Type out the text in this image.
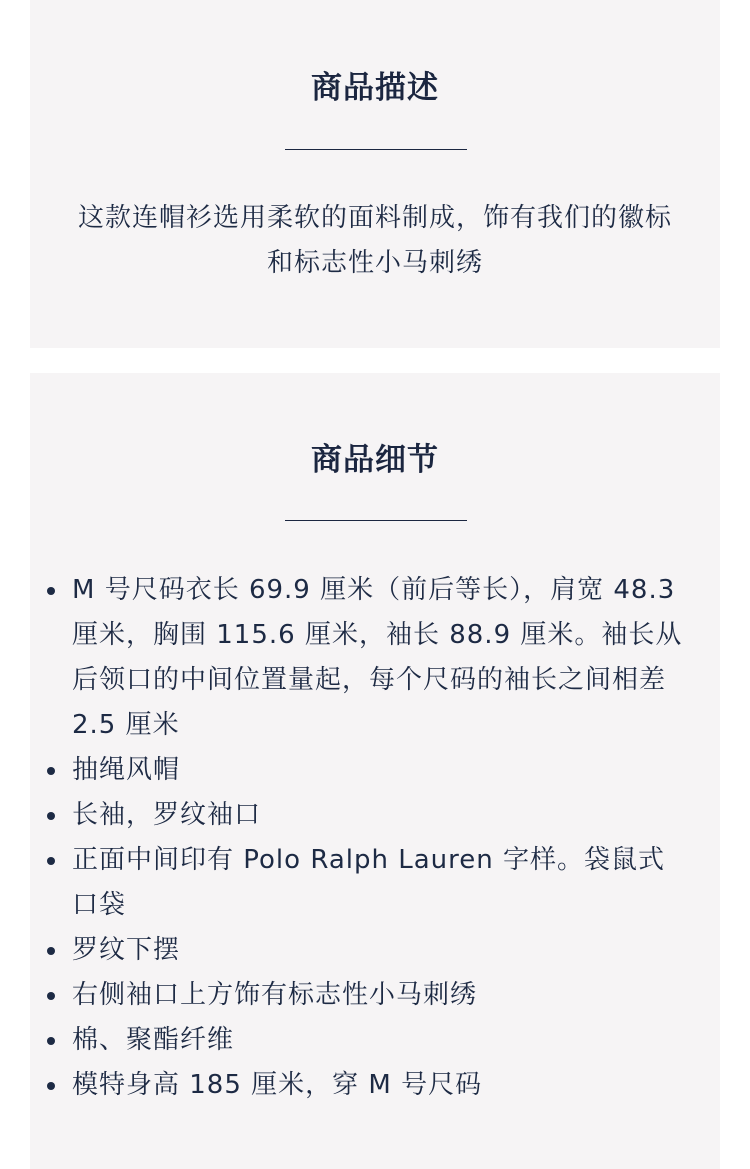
商品描述

这款连帽衫选用柔软的面料制成，饰有我们的徽标和标志性小马刺绣

商品细节
M 号尺码衣长 69.9 厘米（前后等长），肩宽 48.3 厘米，胸围 115.6 厘米，袖长 88.9 厘米。袖长从后领口的中间位置量起，每个尺码的袖长之间相差 2.5 厘米
抽绳风帽
长袖，罗纹袖口
正面中间印有 Polo Ralph Lauren 字样。袋鼠式口袋
罗纹下摆
右侧袖口上方饰有标志性小马刺绣
棉、聚酯纤维
模特身高 185 厘米，穿 M 号尺码
